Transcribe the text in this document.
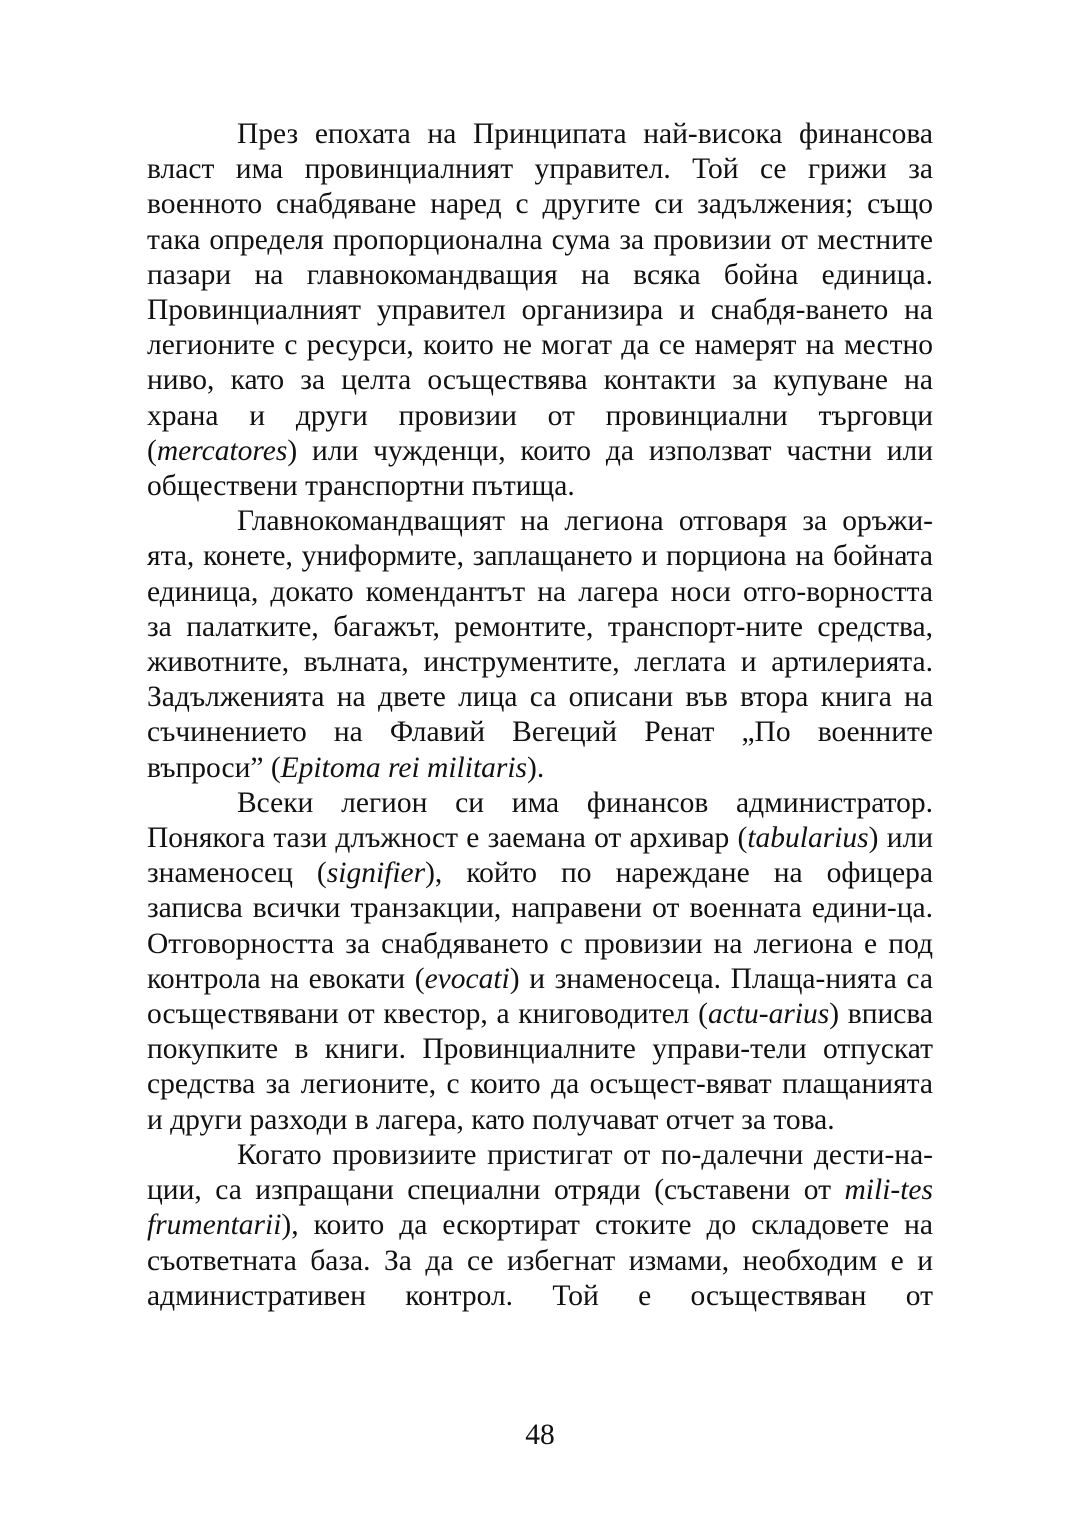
През епохата на Принципата най-висока финансова власт има провинциалният управител. Той се грижи за военното снабдяване наред с другите си задължения; също така определя пропорционална сума за провизии от местните пазари на главнокомандващия на всяка бойна единица. Провинциалният управител организира и снабдя-ването на легионите с ресурси, които не могат да се намерят на местно ниво, като за целта осъществява контакти за купуване на храна и други провизии от провинциални търговци (mercatores) или чужденци, които да използват частни или обществени транспортни пътища.

Главнокомандващият на легиона отговаря за оръжи-ята, конете, униформите, заплащането и порциона на бойната единица, докато комендантът на лагера носи отго-ворността за палатките, багажът, ремонтите, транспорт-ните средства, животните, вълната, инструментите, леглата и артилерията. Задълженията на двете лица са описани във втора книга на съчинението на Флавий Вегеций Ренат „По военните въпроси” (Epitoma rei militaris).

Всеки легион си има финансов администратор. Понякога тази длъжност е заемана от архивар (tabularius) или знаменосец (signifier), който по нареждане на офицера записва всички транзакции, направени от военната едини-ца. Отговорността за снабдяването с провизии на легиона е под контрола на евокати (evocati) и знаменосеца. Плаща-нията са осъществявани от квестор, а книговодител (actu-arius) вписва покупките в книги. Провинциалните управи-тели отпускат средства за легионите, с които да осъщест-вяват плащанията и други разходи в лагера, като получават отчет за това.

Когато провизиите пристигат от по-далечни дести-на-ции, са изпращани специални отряди (съставени от mili-tes frumentarii), които да ескортират стоките до складовете на съответната база. За да се избегнат измами, необходим е и административен контрол. Той е осъществяван от

48
